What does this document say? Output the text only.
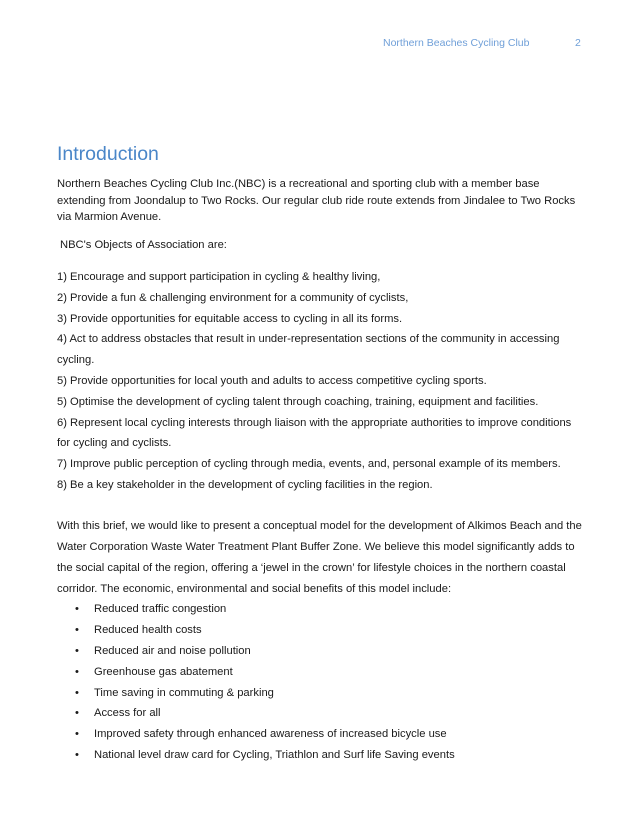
Northern Beaches Cycling Club	2
Introduction

Northern Beaches Cycling Club Inc.(NBC) is a recreational and sporting club with a member base extending from Joondalup to Two Rocks. Our regular club ride route extends from Jindalee to Two Rocks via Marmion Avenue.

NBC's Objects of Association are:

1) Encourage and support participation in cycling & healthy living,
2) Provide a fun & challenging environment for a community of cyclists,
3) Provide opportunities for equitable access to cycling in all its forms.
4) Act to address obstacles that result in under-representation sections of the community in accessing cycling.
5) Provide opportunities for local youth and adults to access competitive cycling sports.
5) Optimise the development of cycling talent through coaching, training, equipment and facilities.
6) Represent local cycling interests through liaison with the appropriate authorities to improve conditions for cycling and cyclists.
7) Improve public perception of cycling through media, events, and, personal example of its members.
8) Be a key stakeholder in the development of cycling facilities in the region.

With this brief, we would like to present a conceptual model for the development of Alkimos Beach and the Water Corporation Waste Water Treatment Plant Buffer Zone. We believe this model significantly adds to the social capital of the region, offering a ‘jewel in the crown’ for lifestyle choices in the northern coastal corridor. The economic, environmental and social benefits of this model include:

• Reduced traffic congestion
• Reduced health costs
• Reduced air and noise pollution
• Greenhouse gas abatement
• Time saving in commuting & parking
• Access for all
• Improved safety through enhanced awareness of increased bicycle use
• National level draw card for Cycling, Triathlon and Surf life Saving events
